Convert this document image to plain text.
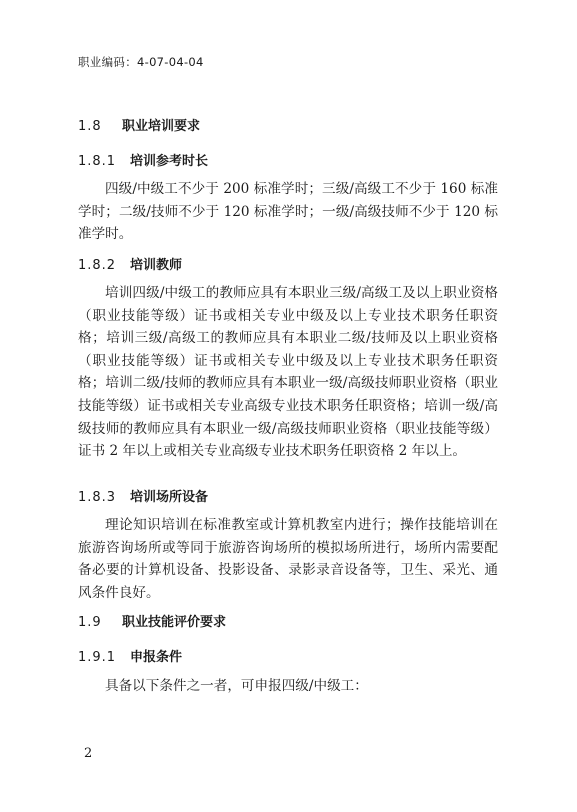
职业编码：4-07-04-04
1.8 职业培训要求
1.8.1 培训参考时长

四级/中级工不少于 200 标准学时；三级/高级工不少于 160 标准学时；二级/技师不少于 120 标准学时；一级/高级技师不少于 120 标准学时。

1.8.2 培训教师

培训四级/中级工的教师应具有本职业三级/高级工及以上职业资格（职业技能等级）证书或相关专业中级及以上专业技术职务任职资格；培训三级/高级工的教师应具有本职业二级/技师及以上职业资格（职业技能等级）证书或相关专业中级及以上专业技术职务任职资格；培训二级/技师的教师应具有本职业一级/高级技师职业资格（职业技能等级）证书或相关专业高级专业技术职务任职资格；培训一级/高级技师的教师应具有本职业一级/高级技师职业资格（职业技能等级）证书 2 年以上或相关专业高级专业技术职务任职资格 2 年以上。

1.8.3 培训场所设备

理论知识培训在标准教室或计算机教室内进行；操作技能培训在旅游咨询场所或等同于旅游咨询场所的模拟场所进行，场所内需要配备必要的计算机设备、投影设备、录影录音设备等，卫生、采光、通风条件良好。

1.9 职业技能评价要求
1.9.1 申报条件

具备以下条件之一者，可申报四级/中级工：

2
